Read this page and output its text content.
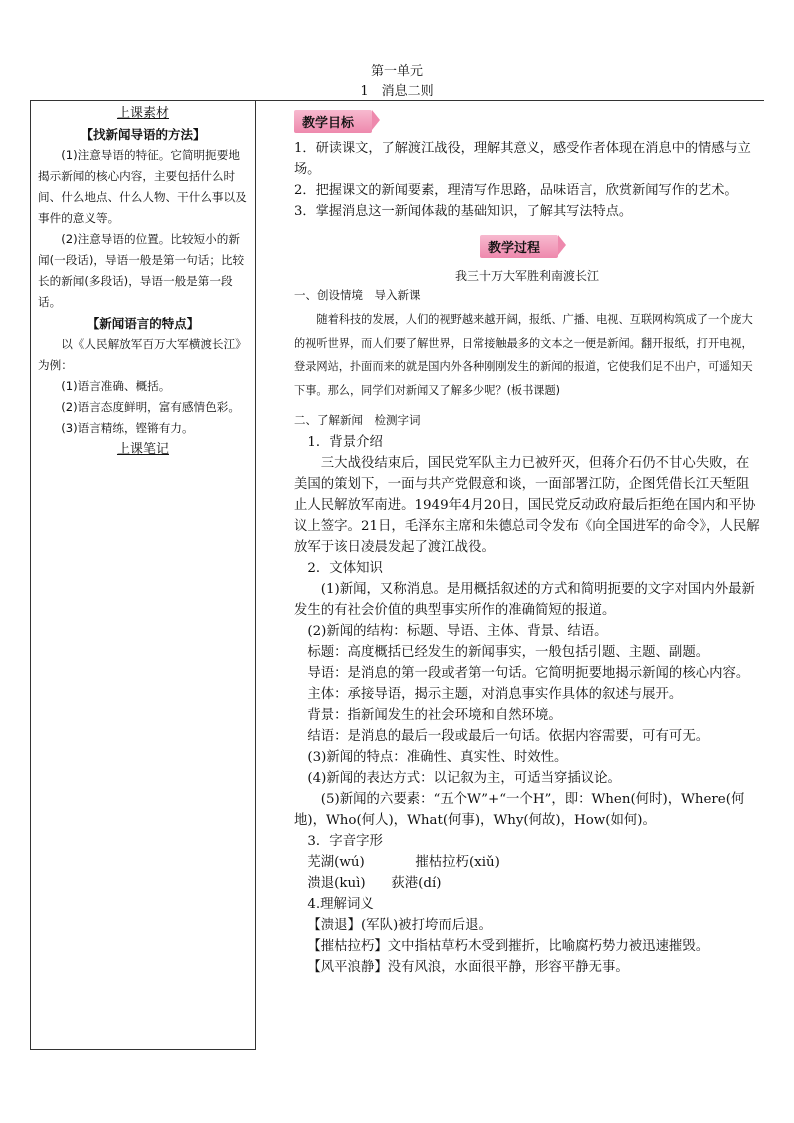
第一单元
1　消息二则
上课素材
【找新闻导语的方法】

(1)注意导语的特征。它简明扼要地揭示新闻的核心内容，主要包括什么时间、什么地点、什么人物、干什么事以及事件的意义等。

(2)注意导语的位置。比较短小的新闻(一段话)，导语一般是第一句话；比较长的新闻(多段话)，导语一般是第一段话。

【新闻语言的特点】

以《人民解放军百万大军横渡长江》为例：

(1)语言准确、概括。

(2)语言态度鲜明，富有感情色彩。

(3)语言精练，铿锵有力。

上课笔记
教学目标

1．研读课文，了解渡江战役，理解其意义，感受作者体现在消息中的情感与立场。

2．把握课文的新闻要素，理清写作思路，品味语言，欣赏新闻写作的艺术。

3．掌握消息这一新闻体裁的基础知识，了解其写法特点。

教学过程
我三十万大军胜利南渡长江
一、创设情境　导入新课
随着科技的发展，人们的视野越来越开阔，报纸、广播、电视、互联网构筑成了一个庞大的视听世界，而人们要了解世界，日常接触最多的文本之一便是新闻。翻开报纸，打开电视，登录网站，扑面而来的就是国内外各种刚刚发生的新闻的报道，它使我们足不出户，可遥知天下事。那么，同学们对新闻又了解多少呢？(板书课题)
二、了解新闻　检测字词

1．背景介绍

三大战役结束后，国民党军队主力已被歼灭，但蒋介石仍不甘心失败，在美国的策划下，一面与共产党假意和谈，一面部署江防，企图凭借长江天堑阻止人民解放军南进。1949年4月20日，国民党反动政府最后拒绝在国内和平协议上签字。21日，毛泽东主席和朱德总司令发布《向全国进军的命令》，人民解放军于该日凌晨发起了渡江战役。

2．文体知识

(1)新闻，又称消息。是用概括叙述的方式和简明扼要的文字对国内外最新发生的有社会价值的典型事实所作的准确简短的报道。

(2)新闻的结构：标题、导语、主体、背景、结语。

标题：高度概括已经发生的新闻事实，一般包括引题、主题、副题。

导语：是消息的第一段或者第一句话。它简明扼要地揭示新闻的核心内容。

主体：承接导语，揭示主题，对消息事实作具体的叙述与展开。

背景：指新闻发生的社会环境和自然环境。

结语：是消息的最后一段或最后一句话。依据内容需要，可有可无。

(3)新闻的特点：准确性、真实性、时效性。

(4)新闻的表达方式：以记叙为主，可适当穿插议论。

(5)新闻的六要素：“五个W”+“一个H”，即：When(何时)，Where(何地)，Who(何人)，What(何事)，Why(何故)，How(如何)。

3．字音字形

芜湖(wú)	摧枯拉朽(xiǔ)

溃退(kuì) 荻港(dí)

4.理解词义

【溃退】(军队)被打垮而后退。

【摧枯拉朽】文中指枯草朽木受到摧折，比喻腐朽势力被迅速摧毁。

【风平浪静】没有风浪，水面很平静，形容平静无事。
